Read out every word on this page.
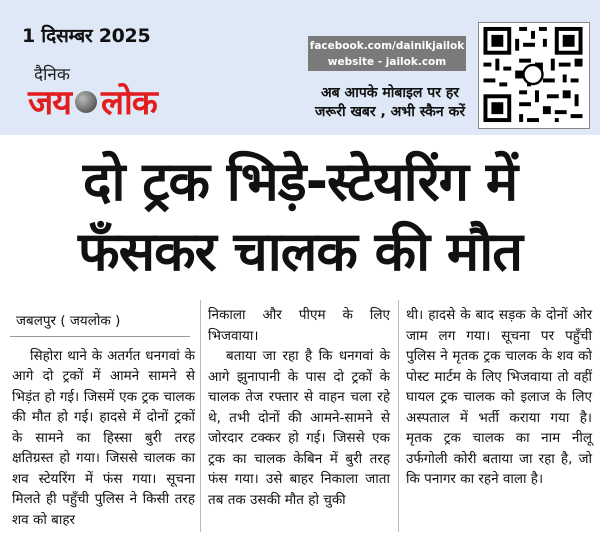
1 दिसम्बर 2025
दैनिक
जय लोक
facebook.com/dainikjailok
website - jailok.com
अब आपके मोबाइल पर हर
जरूरी खबर , अभी स्कैन करें
दो ट्रक भिड़े-स्टेयरिंग में
फँसकर चालक की मौत
जबलपुर ( जयलोक )

सिहोरा थाने के अतर्गत धनगवां के आगे दो ट्रकों में आमने सामने से भिड़ंत हो गई। जिसमें एक ट्रक चालक की मौत हो गई। हादसे में दोनों ट्रकों के सामने का हिस्सा बुरी तरह क्षतिग्रस्त हो गया। जिससे चालक का शव स्टेयरिंग में फंस गया। सूचना मिलते ही पहुँची पुलिस ने किसी तरह शव को बाहर

निकाला और पीएम के लिए भिजवाया।

बताया जा रहा है कि धनगवां के आगे झुनापानी के पास दो ट्रकों के चालक तेज रफ्तार से वाहन चला रहे थे, तभी दोनों की आमने-सामने से जोरदार टक्कर हो गई। जिससे एक ट्रक का चालक केबिन में बुरी तरह फंस गया। उसे बाहर निकाला जाता तब तक उसकी मौत हो चुकी

थी। हादसे के बाद सड़क के दोनों ओर जाम लग गया। सूचना पर पहुँची पुलिस ने मृतक ट्रक चालक के शव को पोस्ट मार्टम के लिए भिजवाया तो वहीं घायल ट्रक चालक को इलाज के लिए अस्पताल में भर्ती कराया गया है। मृतक ट्रक चालक का नाम नीलू उर्फगोली कोरी बताया जा रहा है, जो कि पनागर का रहने वाला है।
